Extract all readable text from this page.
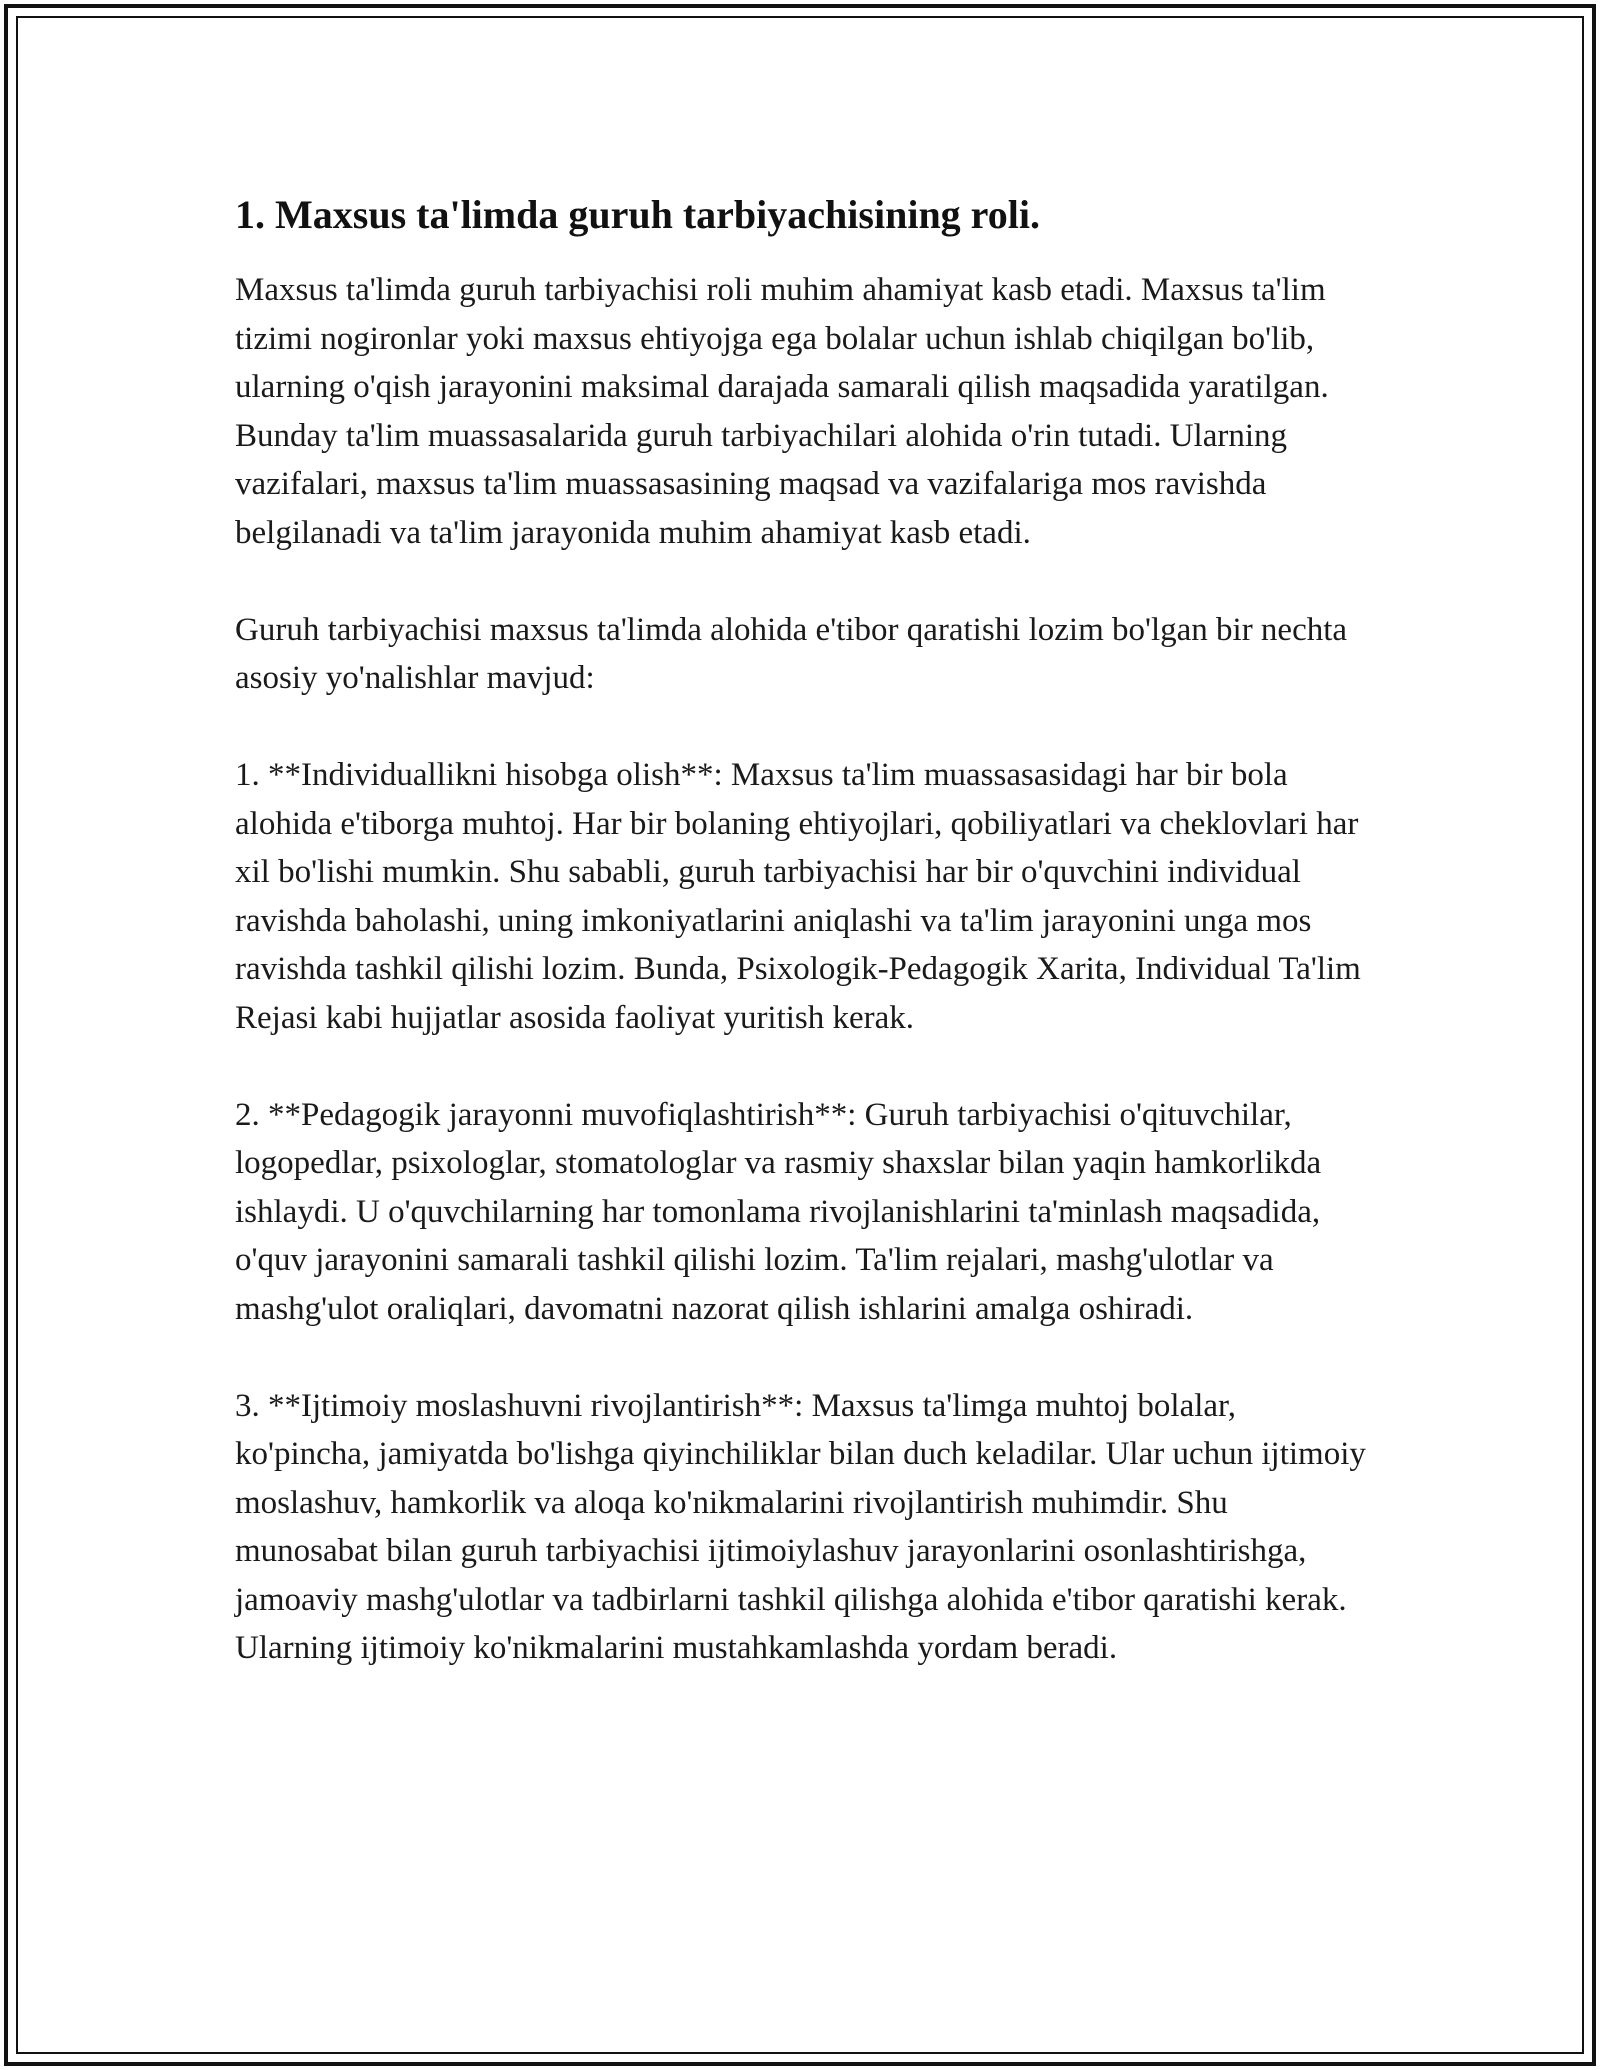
1. Maxsus ta'limda guruh tarbiyachisining roli.

Maxsus ta'limda guruh tarbiyachisi roli muhim ahamiyat kasb etadi. Maxsus ta'lim tizimi nogironlar yoki maxsus ehtiyojga ega bolalar uchun ishlab chiqilgan bo'lib, ularning o'qish jarayonini maksimal darajada samarali qilish maqsadida yaratilgan. Bunday ta'lim muassasalarida guruh tarbiyachilari alohida o'rin tutadi. Ularning vazifalari, maxsus ta'lim muassasasining maqsad va vazifalariga mos ravishda belgilanadi va ta'lim jarayonida muhim ahamiyat kasb etadi.

Guruh tarbiyachisi maxsus ta'limda alohida e'tibor qaratishi lozim bo'lgan bir nechta asosiy yo'nalishlar mavjud:

1. **Individuallikni hisobga olish**: Maxsus ta'lim muassasasidagi har bir bola alohida e'tiborga muhtoj. Har bir bolaning ehtiyojlari, qobiliyatlari va cheklovlari har xil bo'lishi mumkin. Shu sababli, guruh tarbiyachisi har bir o'quvchini individual ravishda baholashi, uning imkoniyatlarini aniqlashi va ta'lim jarayonini unga mos ravishda tashkil qilishi lozim. Bunda, Psixologik-Pedagogik Xarita, Individual Ta'lim Rejasi kabi hujjatlar asosida faoliyat yuritish kerak.

2. **Pedagogik jarayonni muvofiqlashtirish**: Guruh tarbiyachisi o'qituvchilar, logopedlar, psixologlar, stomatologlar va rasmiy shaxslar bilan yaqin hamkorlikda ishlaydi. U o'quvchilarning har tomonlama rivojlanishlarini ta'minlash maqsadida, o'quv jarayonini samarali tashkil qilishi lozim. Ta'lim rejalari, mashg'ulotlar va mashg'ulot oraliqlari, davomatni nazorat qilish ishlarini amalga oshiradi.

3. **Ijtimoiy moslashuvni rivojlantirish**: Maxsus ta'limga muhtoj bolalar, ko'pincha, jamiyatda bo'lishga qiyinchiliklar bilan duch keladilar. Ular uchun ijtimoiy moslashuv, hamkorlik va aloqa ko'nikmalarini rivojlantirish muhimdir. Shu munosabat bilan guruh tarbiyachisi ijtimoiylashuv jarayonlarini osonlashtirishga, jamoaviy mashg'ulotlar va tadbirlarni tashkil qilishga alohida e'tibor qaratishi kerak. Ularning ijtimoiy ko'nikmalarini mustahkamlashda yordam beradi.
